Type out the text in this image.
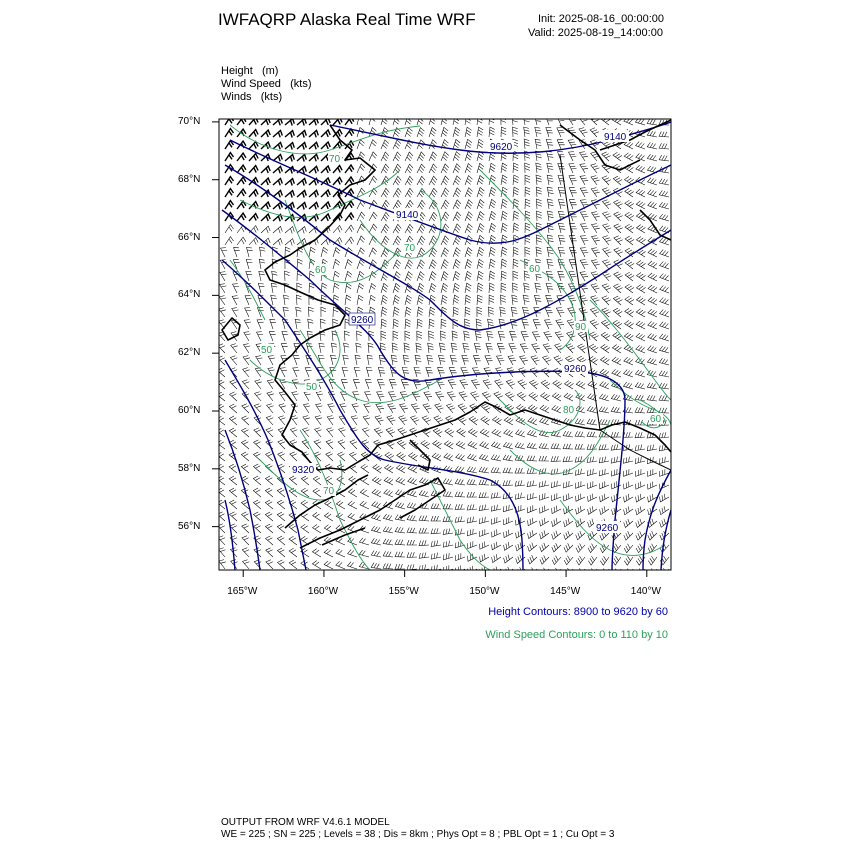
IWFAQRP Alaska Real Time WRF	Init: 2025-08-16_00:00:00
Valid: 2025-08-19_14:00:00
Height (m)
Wind Speed (kts)
Winds (kts)
9620
9140
9260
9260
9260
9140
9320
70
70
60	60
50
50
90
80
60
70
70°N
68°N
66°N
64°N
62°N
60°N
58°N
56°N
165°W	160°W	155°W	150°W	145°W	140°W
Height Contours: 8900 to 9620 by 60
Wind Speed Contours: 0 to 110 by 10
OUTPUT FROM WRF V4.6.1 MODEL
WE = 225 ; SN = 225 ; Levels = 38 ; Dis = 8km ; Phys Opt = 8 ; PBL Opt = 1 ; Cu Opt = 3
